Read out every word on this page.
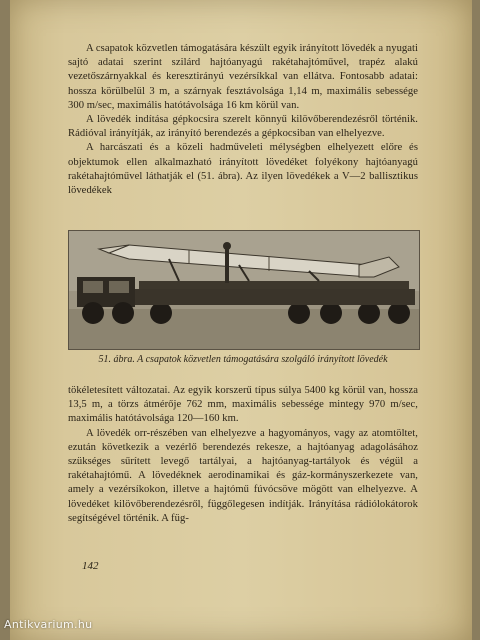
A csapatok közvetlen támogatására készült egyik irányított lövedék a nyugati sajtó adatai szerint szilárd hajtóanyagú rakétahajtóművel, trapéz alakú vezetőszárnyakkal és keresztirányú vezérsíkkal van ellátva. Fontosabb adatai: hossza körülbelül 3 m, a szárnyak fesztávolsága 1,14 m, maximális sebessége 300 m/sec, maximális hatótávolsága 16 km körül van.

A lövedék indítása gépkocsira szerelt könnyű kilövőberendezésről történik. Rádióval irányítják, az irányító berendezés a gépkocsiban van elhelyezve.

A harcászati és a közeli hadműveleti mélységben elhelyezett előre és objektumok ellen alkalmazható irányított lövedéket folyékony hajtóanyagú rakétahajtóművel láthatják el (51. ábra). Az ilyen lövedékek a V—2 ballisztikus lövedékek

51. ábra. A csapatok közvetlen támogatására szolgáló irányított lövedék

tökéletesített változatai. Az egyik korszerű típus súlya 5400 kg körül van, hossza 13,5 m, a törzs átmérője 762 mm, maximális sebessége mintegy 970 m/sec, maximális hatótávolsága 120—160 km.

A lövedék orr-részében van elhelyezve a hagyományos, vagy az atomtöltet, ezután következik a vezérlő berendezés rekesze, a hajtóanyag adagolásához szükséges sűrített levegő tartályai, a hajtóanyag-tartályok és végül a rakétahajtómű. A lövedéknek aerodinamikai és gáz-kormányszerkezete van, amely a vezérsíkokon, illetve a hajtómű fúvócsöve mögött van elhelyezve. A lövedéket kilövőberendezésről, függőlegesen indítják. Irányítása rádiólokátorok segítségével történik. A füg-

142
Antikvarium.hu
